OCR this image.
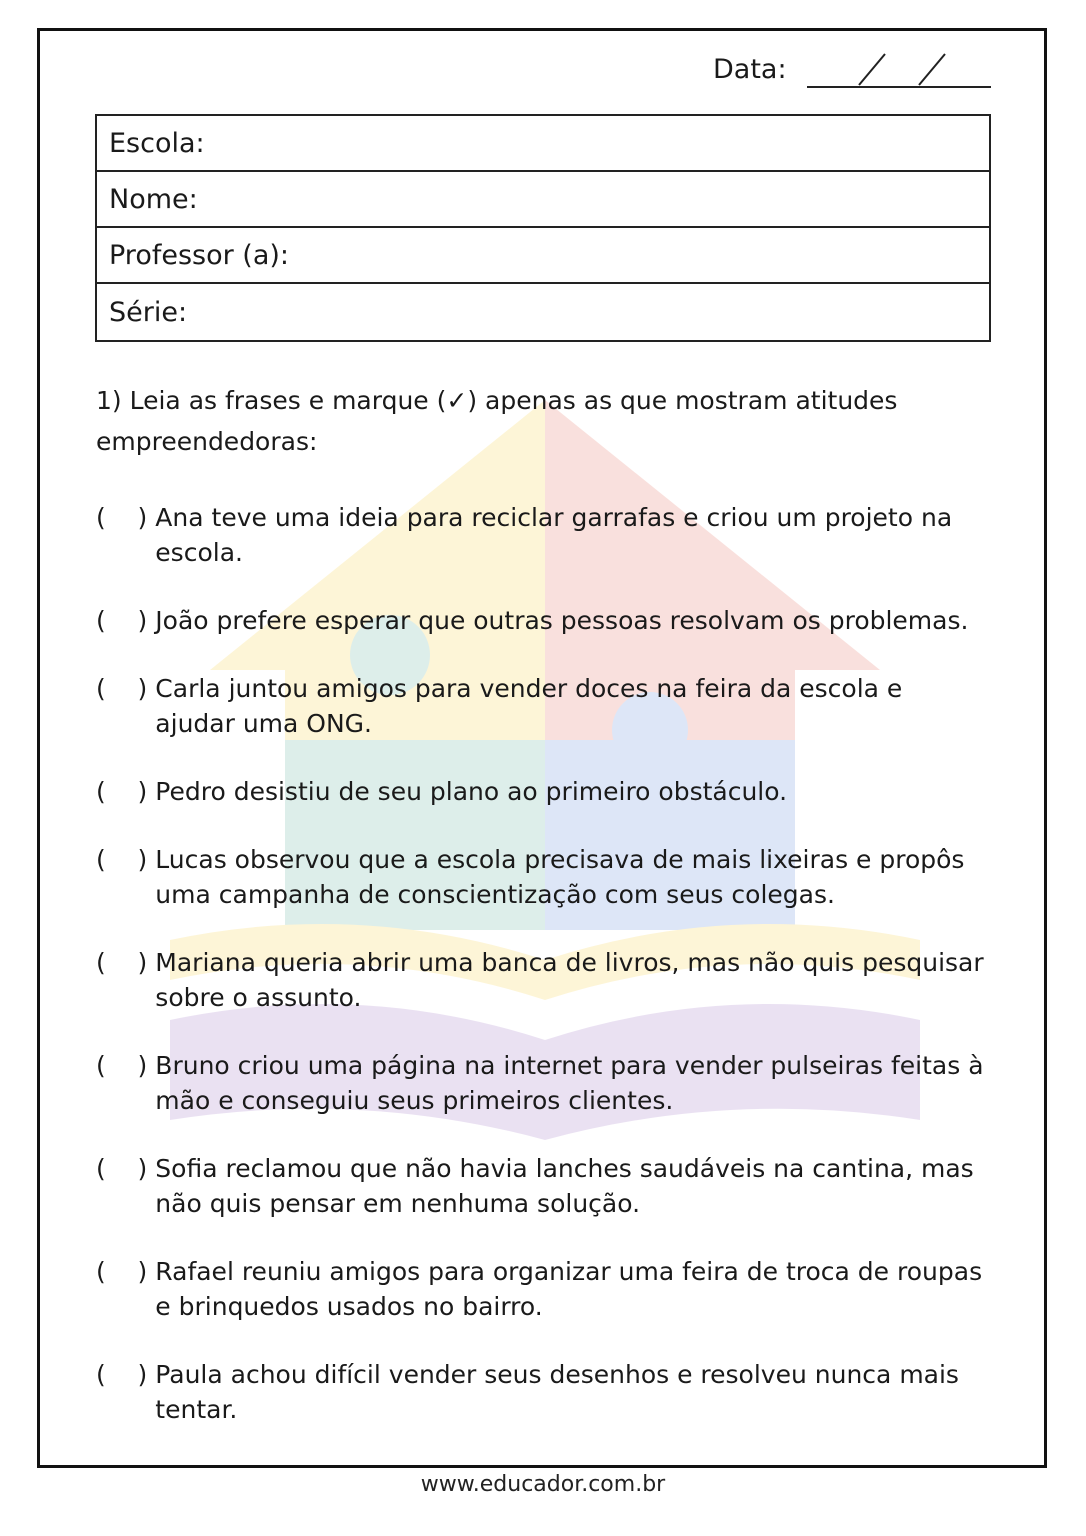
Data:
Escola:
Nome:
Professor (a):
Série:
1) Leia as frases e marque (✓) apenas as que mostram atitudes empreendedoras:
(    ) Ana teve uma ideia para reciclar garrafas e criou um projeto na escola.
(    ) João prefere esperar que outras pessoas resolvam os problemas.
(    ) Carla juntou amigos para vender doces na feira da escola e ajudar uma ONG.
(    ) Pedro desistiu de seu plano ao primeiro obstáculo.
(    ) Lucas observou que a escola precisava de mais lixeiras e propôs uma campanha de conscientização com seus colegas.
(    ) Mariana queria abrir uma banca de livros, mas não quis pesquisar sobre o assunto.
(    ) Bruno criou uma página na internet para vender pulseiras feitas à mão e conseguiu seus primeiros clientes.
(    ) Sofia reclamou que não havia lanches saudáveis na cantina, mas não quis pensar em nenhuma solução.
(    ) Rafael reuniu amigos para organizar uma feira de troca de roupas e brinquedos usados no bairro.
(    ) Paula achou difícil vender seus desenhos e resolveu nunca mais tentar.
www.educador.com.br
